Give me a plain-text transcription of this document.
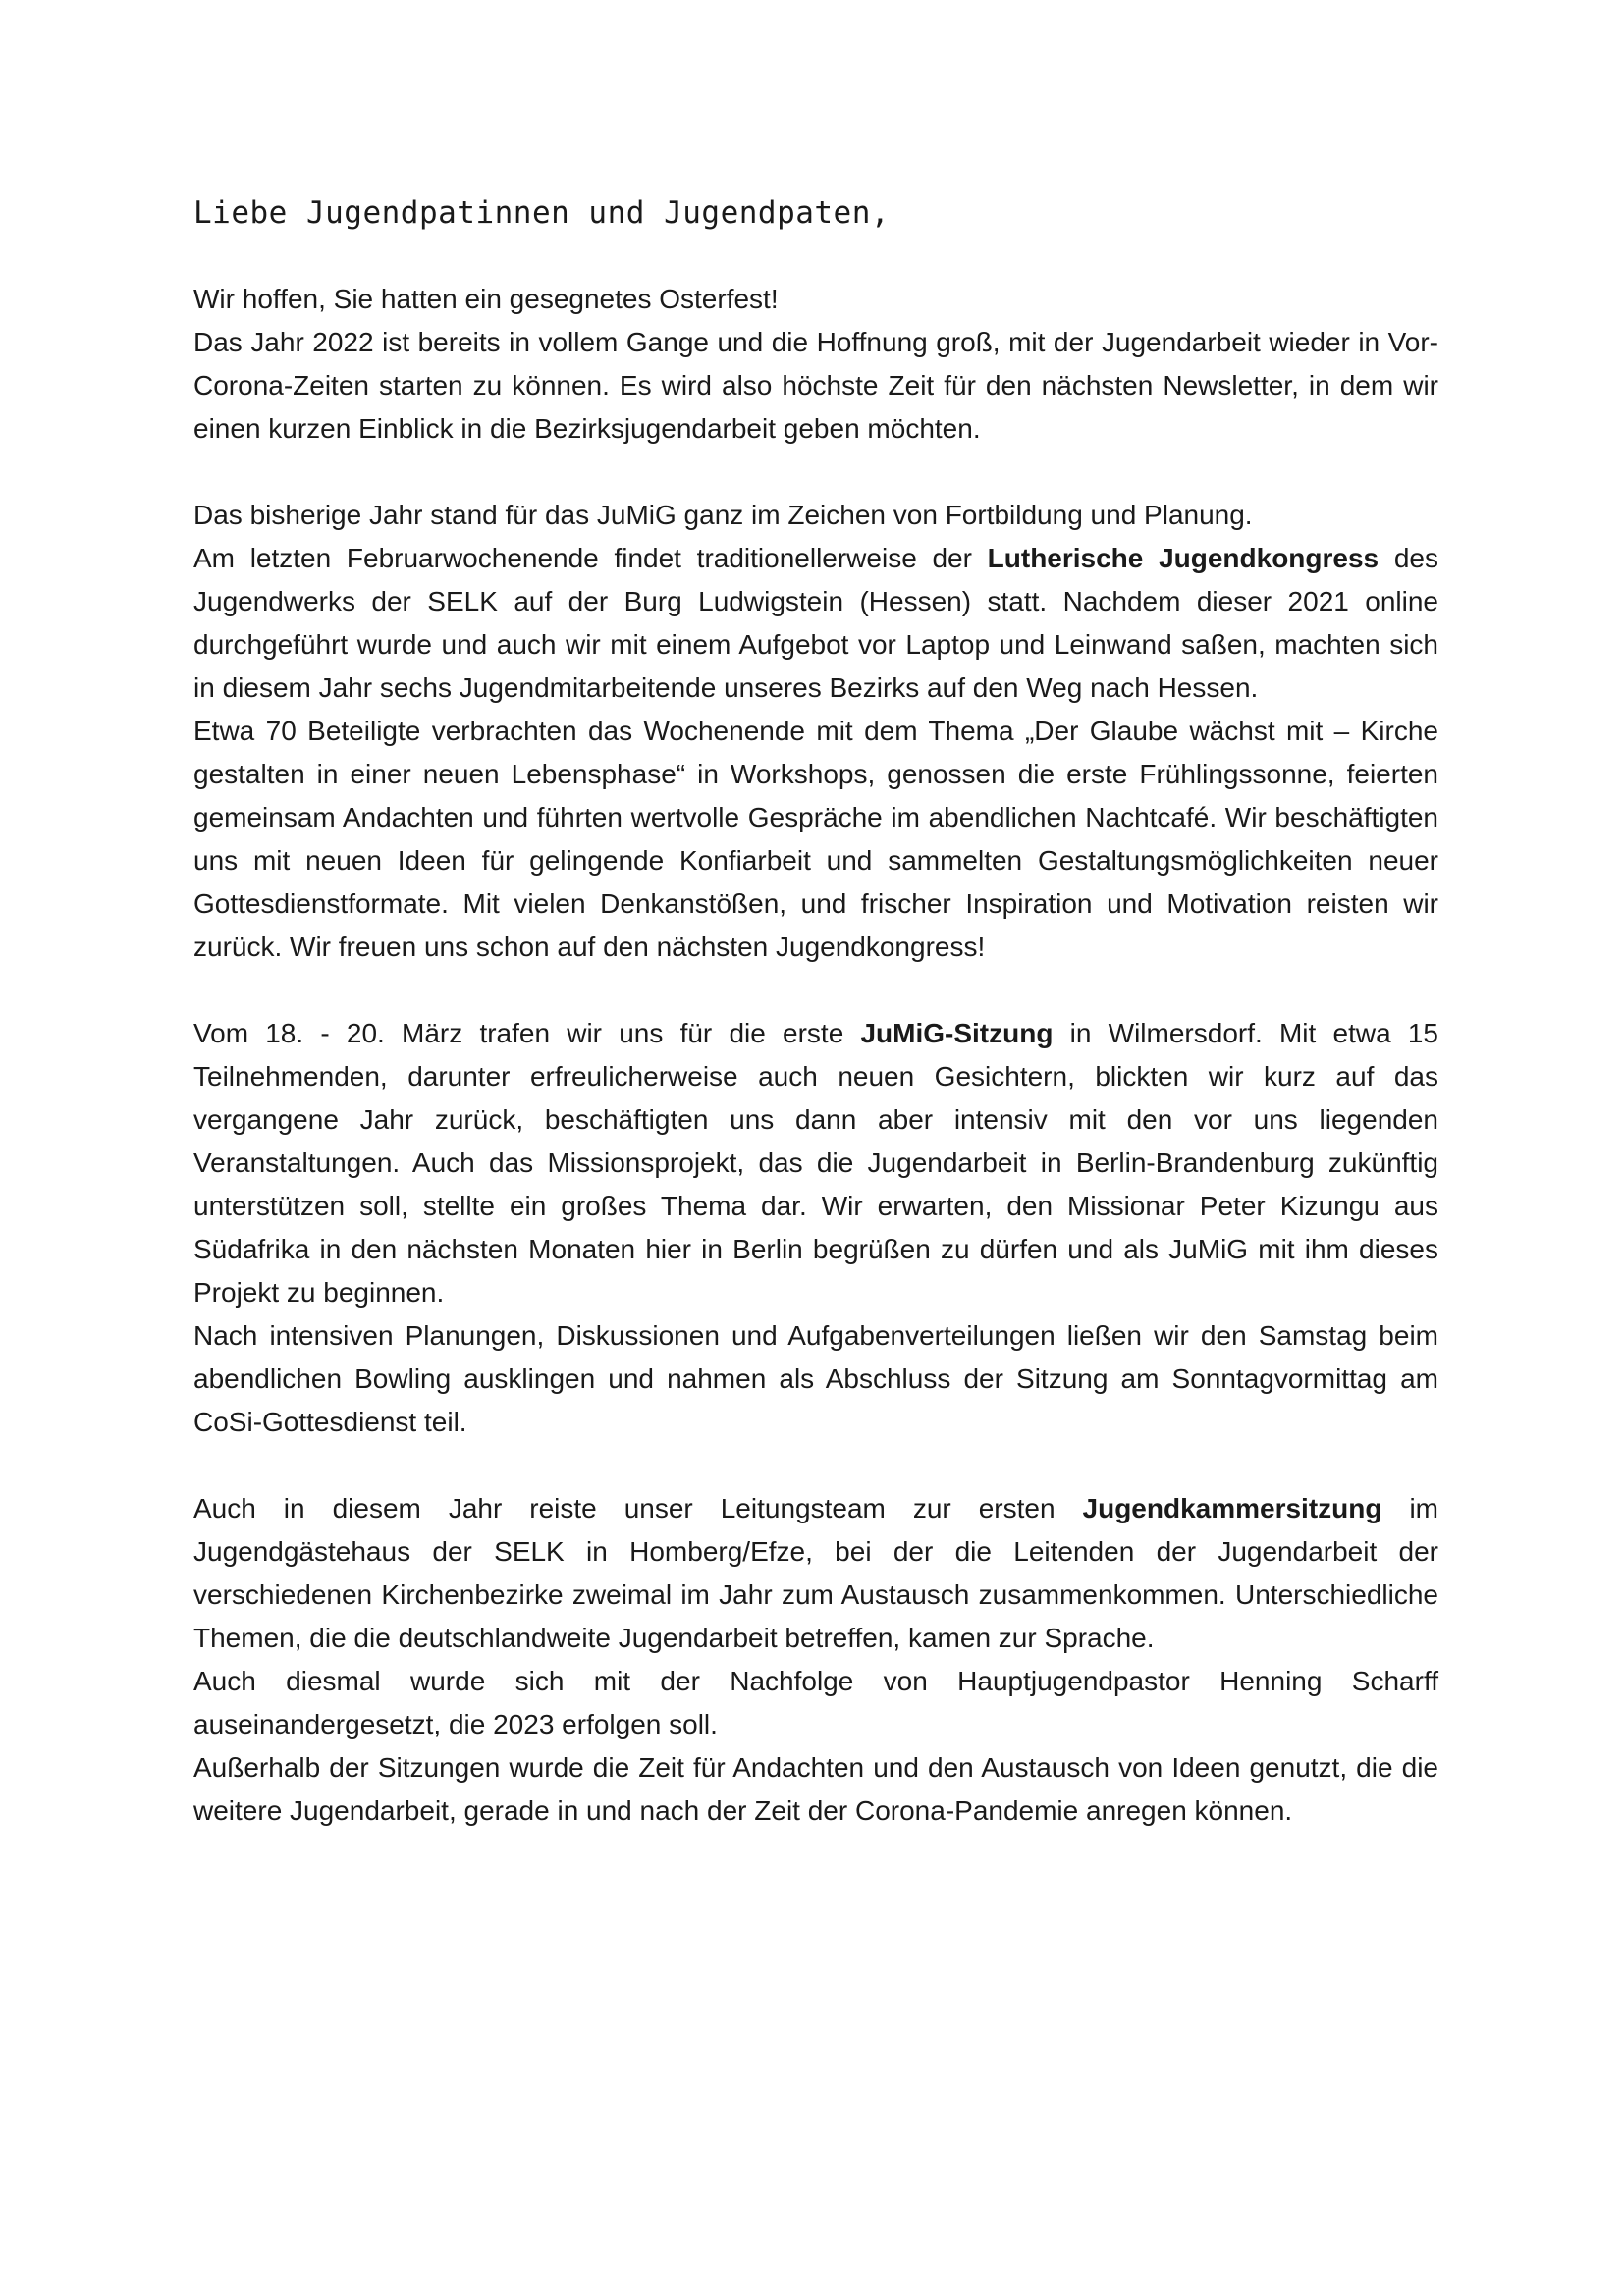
Liebe Jugendpatinnen und Jugendpaten,

Wir hoffen, Sie hatten ein gesegnetes Osterfest!

Das Jahr 2022 ist bereits in vollem Gange und die Hoffnung groß, mit der Jugendarbeit wieder in Vor-Corona-Zeiten starten zu können. Es wird also höchste Zeit für den nächsten Newsletter, in dem wir einen kurzen Einblick in die Bezirksjugendarbeit geben möchten.

Das bisherige Jahr stand für das JuMiG ganz im Zeichen von Fortbildung und Planung.

Am letzten Februarwochenende findet traditionellerweise der Lutherische Jugendkongress des Jugendwerks der SELK auf der Burg Ludwigstein (Hessen) statt. Nachdem dieser 2021 online durchgeführt wurde und auch wir mit einem Aufgebot vor Laptop und Leinwand saßen, machten sich in diesem Jahr sechs Jugendmitarbeitende unseres Bezirks auf den Weg nach Hessen.

Etwa 70 Beteiligte verbrachten das Wochenende mit dem Thema „Der Glaube wächst mit – Kirche gestalten in einer neuen Lebensphase“ in Workshops, genossen die erste Frühlingssonne, feierten gemeinsam Andachten und führten wertvolle Gespräche im abendlichen Nachtcafé. Wir beschäftigten uns mit neuen Ideen für gelingende Konfiarbeit und sammelten Gestaltungsmöglichkeiten neuer Gottesdienstformate. Mit vielen Denkanstößen, und frischer Inspiration und Motivation reisten wir zurück. Wir freuen uns schon auf den nächsten Jugendkongress!

Vom 18. - 20. März trafen wir uns für die erste JuMiG-Sitzung in Wilmersdorf. Mit etwa 15 Teilnehmenden, darunter erfreulicherweise auch neuen Gesichtern, blickten wir kurz auf das vergangene Jahr zurück, beschäftigten uns dann aber intensiv mit den vor uns liegenden Veranstaltungen. Auch das Missionsprojekt, das die Jugendarbeit in Berlin-Brandenburg zukünftig unterstützen soll, stellte ein großes Thema dar. Wir erwarten, den Missionar Peter Kizungu aus Südafrika in den nächsten Monaten hier in Berlin begrüßen zu dürfen und als JuMiG mit ihm dieses Projekt zu beginnen.

Nach intensiven Planungen, Diskussionen und Aufgabenverteilungen ließen wir den Samstag beim abendlichen Bowling ausklingen und nahmen als Abschluss der Sitzung am Sonntagvormittag am CoSi-Gottesdienst teil.

Auch in diesem Jahr reiste unser Leitungsteam zur ersten Jugendkammersitzung im Jugendgästehaus der SELK in Homberg/Efze, bei der die Leitenden der Jugendarbeit der verschiedenen Kirchenbezirke zweimal im Jahr zum Austausch zusammenkommen. Unterschiedliche Themen, die die deutschlandweite Jugendarbeit betreffen, kamen zur Sprache.

Auch diesmal wurde sich mit der Nachfolge von Hauptjugendpastor Henning Scharff auseinandergesetzt, die 2023 erfolgen soll.

Außerhalb der Sitzungen wurde die Zeit für Andachten und den Austausch von Ideen genutzt, die die weitere Jugendarbeit, gerade in und nach der Zeit der Corona-Pandemie anregen können.
